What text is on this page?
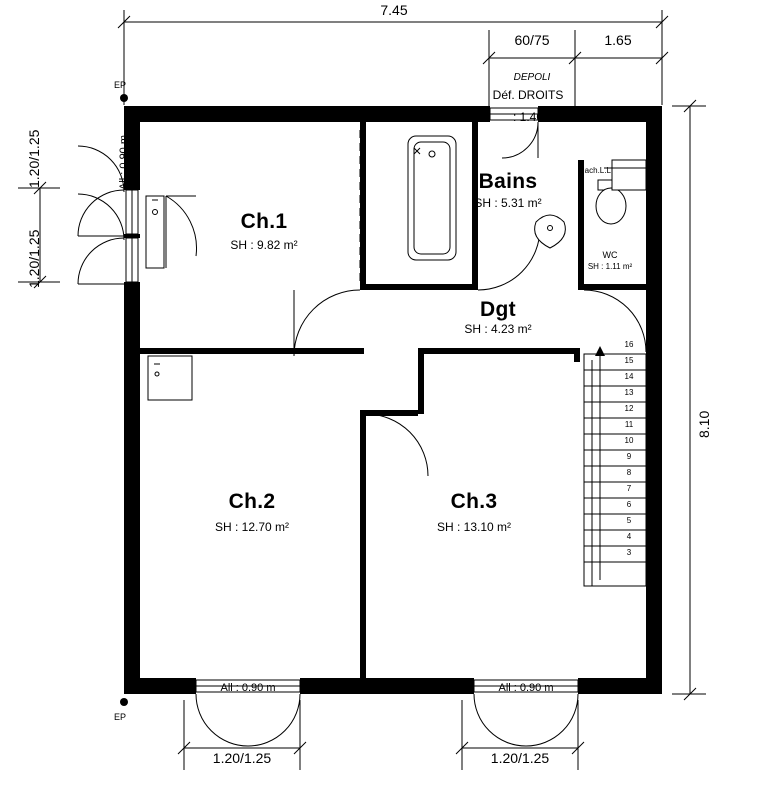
7.45
60/75	1.65
DEPOLI
Déf. DROITS
: 1.40
EP
EP
1.20/1.25
1.20/1.25
8.10
All : 0.90 m
All : 0.90 m	All : 0.90 m
1.20/1.25	1.20/1.25
Mach.L.L.
Ch.1
SH : 9.82 m²
Bains
SH : 5.31 m²
WC
SH : 1.11 m²
Dgt
SH : 4.23 m²
Ch.2
SH : 12.70 m²
Ch.3
SH : 13.10 m²
16
15
14
13
12
11
10
9
8
7
6
5
4
3
